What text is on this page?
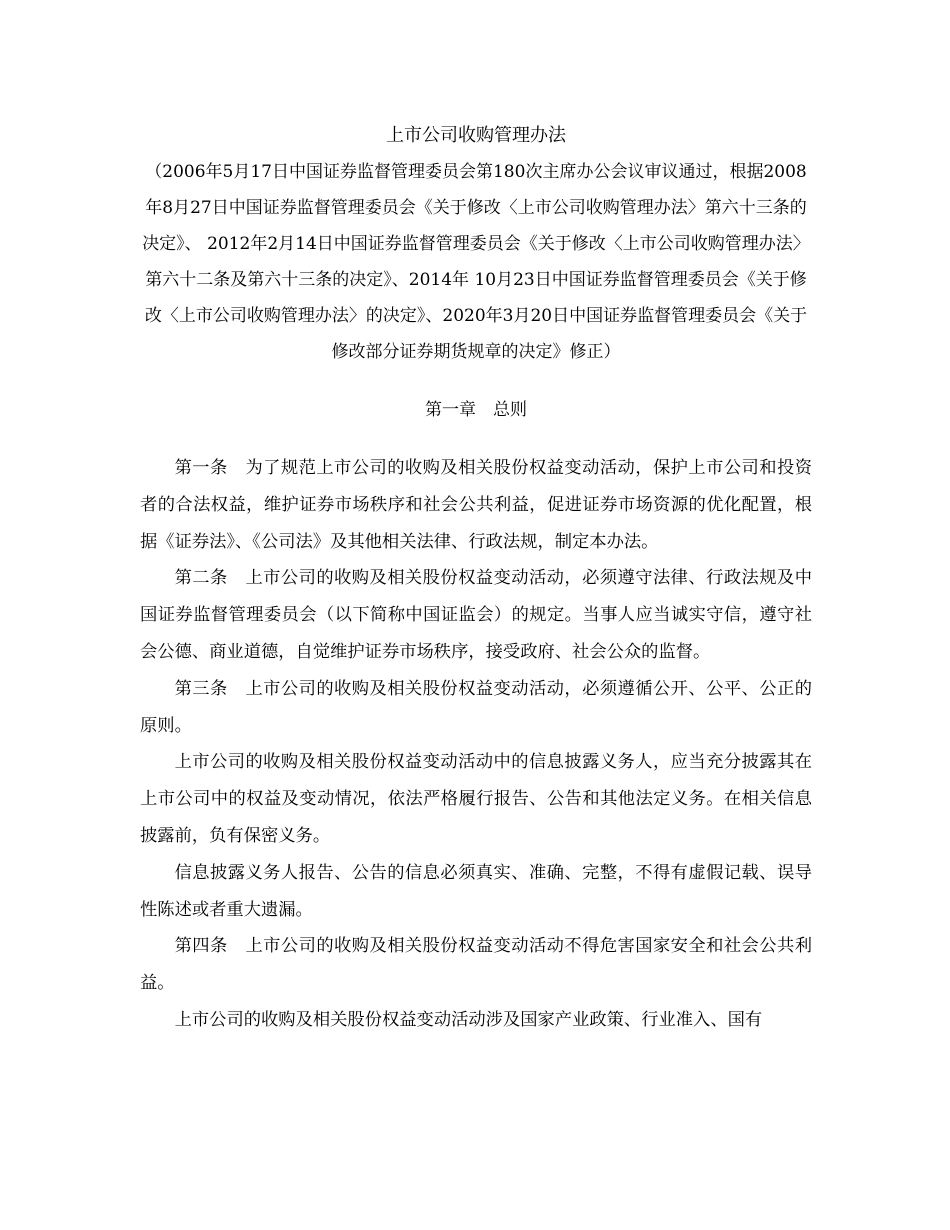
上市公司收购管理办法

（2006年5月17日中国证券监督管理委员会第180次主席办公会议审议通过，根据2008年8月27日中国证券监督管理委员会《关于修改〈上市公司收购管理办法〉第六十三条的决定》、 2012年2月14日中国证券监督管理委员会《关于修改〈上市公司收购管理办法〉第六十二条及第六十三条的决定》、2014年 10月23日中国证券监督管理委员会《关于修改〈上市公司收购管理办法〉的决定》、2020年3月20日中国证券监督管理委员会《关于修改部分证券期货规章的决定》修正）

第一章　总则

第一条　为了规范上市公司的收购及相关股份权益变动活动，保护上市公司和投资者的合法权益，维护证券市场秩序和社会公共利益，促进证券市场资源的优化配置，根据《证券法》、《公司法》及其他相关法律、行政法规，制定本办法。

第二条　上市公司的收购及相关股份权益变动活动，必须遵守法律、行政法规及中国证券监督管理委员会（以下简称中国证监会）的规定。当事人应当诚实守信，遵守社会公德、商业道德，自觉维护证券市场秩序，接受政府、社会公众的监督。

第三条　上市公司的收购及相关股份权益变动活动，必须遵循公开、公平、公正的原则。

上市公司的收购及相关股份权益变动活动中的信息披露义务人，应当充分披露其在上市公司中的权益及变动情况，依法严格履行报告、公告和其他法定义务。在相关信息披露前，负有保密义务。

信息披露义务人报告、公告的信息必须真实、准确、完整，不得有虚假记载、误导性陈述或者重大遗漏。

第四条　上市公司的收购及相关股份权益变动活动不得危害国家安全和社会公共利益。

上市公司的收购及相关股份权益变动活动涉及国家产业政策、行业准入、国有
